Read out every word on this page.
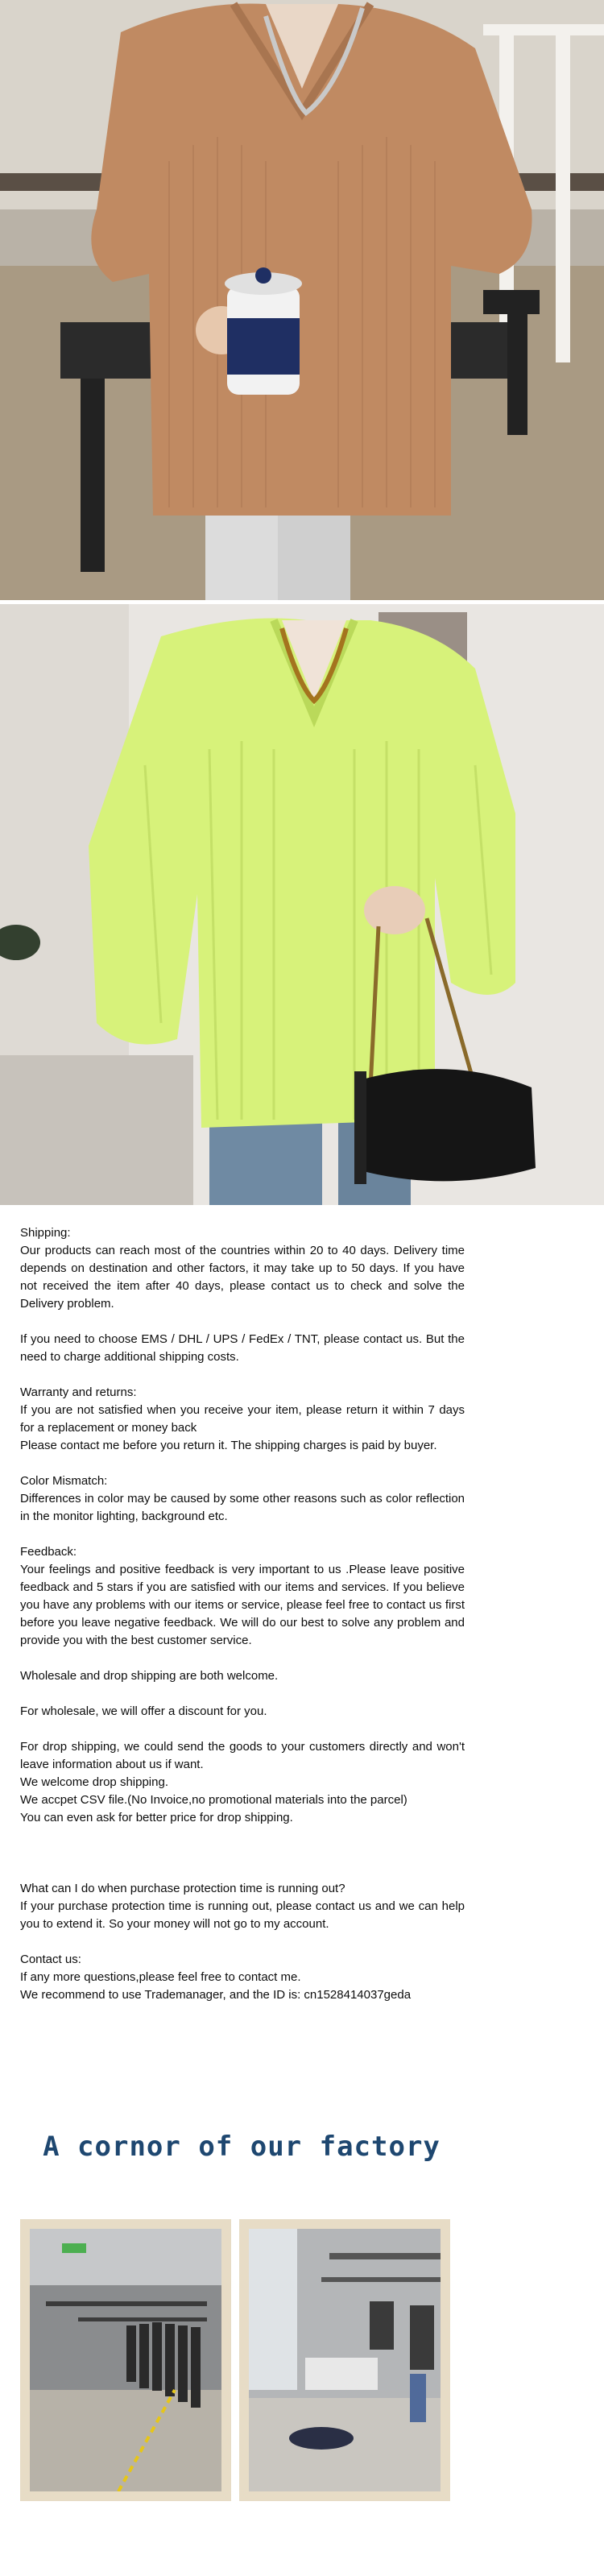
Shipping:

Our products can reach most of the countries within 20 to 40 days. Delivery time depends on destination and other factors, it may take up to 50 days. If you have not received the item after 40 days, please contact us to check and solve the Delivery problem.

If you need to choose EMS / DHL / UPS / FedEx / TNT, please contact us. But the need to charge additional shipping costs.

Warranty and returns:

If you are not satisfied when you receive your item, please return it within 7 days for a replacement or money back

Please contact me before you return it. The shipping charges is paid by buyer.

Color Mismatch:

Differences in color may be caused by some other reasons such as color reflection in the monitor lighting, background etc.

Feedback:

Your feelings and positive feedback is very important to us .Please leave positive feedback and 5 stars if you are satisfied with our items and services. If you believe you have any problems with our items or service, please feel free to contact us first before you leave negative feedback. We will do our best to solve any problem and provide you with the best customer service.

Wholesale and drop shipping are both welcome.

For wholesale, we will offer a discount for you.

For drop shipping, we could send the goods to your customers directly and won't leave information about us if want.

We welcome drop shipping.

We accpet CSV file.(No Invoice,no promotional materials into the parcel)

You can even ask for better price for drop shipping.

What can I do when purchase protection time is running out?

If your purchase protection time is running out, please contact us and we can help you to extend it. So your money will not go to my account.

Contact us:

If any more questions,please feel free to contact me.

We recommend to use Trademanager, and the ID is: cn1528414037geda

A cornor of our factory
